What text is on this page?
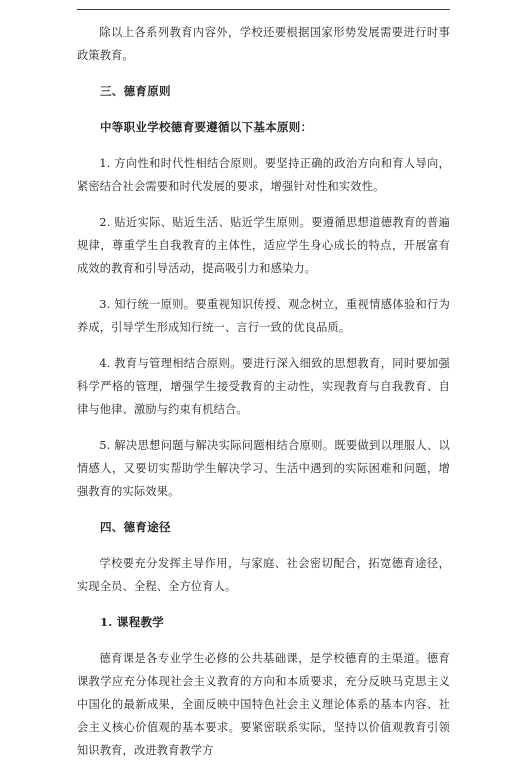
除以上各系列教育内容外，学校还要根据国家形势发展需要进行时事政策教育。

三、德育原则

中等职业学校德育要遵循以下基本原则：

1. 方向性和时代性相结合原则。要坚持正确的政治方向和育人导向，紧密结合社会需要和时代发展的要求，增强针对性和实效性。

2. 贴近实际、贴近生活、贴近学生原则。要遵循思想道德教育的普遍规律，尊重学生自我教育的主体性，适应学生身心成长的特点，开展富有成效的教育和引导活动，提高吸引力和感染力。

3. 知行统一原则。要重视知识传授、观念树立，重视情感体验和行为养成，引导学生形成知行统一、言行一致的优良品质。

4. 教育与管理相结合原则。要进行深入细致的思想教育，同时要加强科学严格的管理，增强学生接受教育的主动性，实现教育与自我教育、自律与他律、激励与约束有机结合。

5. 解决思想问题与解决实际问题相结合原则。既要做到以理服人、以情感人，又要切实帮助学生解决学习、生活中遇到的实际困难和问题，增强教育的实际效果。

四、德育途径

学校要充分发挥主导作用，与家庭、社会密切配合，拓宽德育途径，实现全员、全程、全方位育人。

1. 课程教学

德育课是各专业学生必修的公共基础课，是学校德育的主渠道。德育课教学应充分体现社会主义教育的方向和本质要求，充分反映马克思主义中国化的最新成果，全面反映中国特色社会主义理论体系的基本内容、社会主义核心价值观的基本要求。要紧密联系实际，坚持以价值观教育引领知识教育，改进教育教学方
